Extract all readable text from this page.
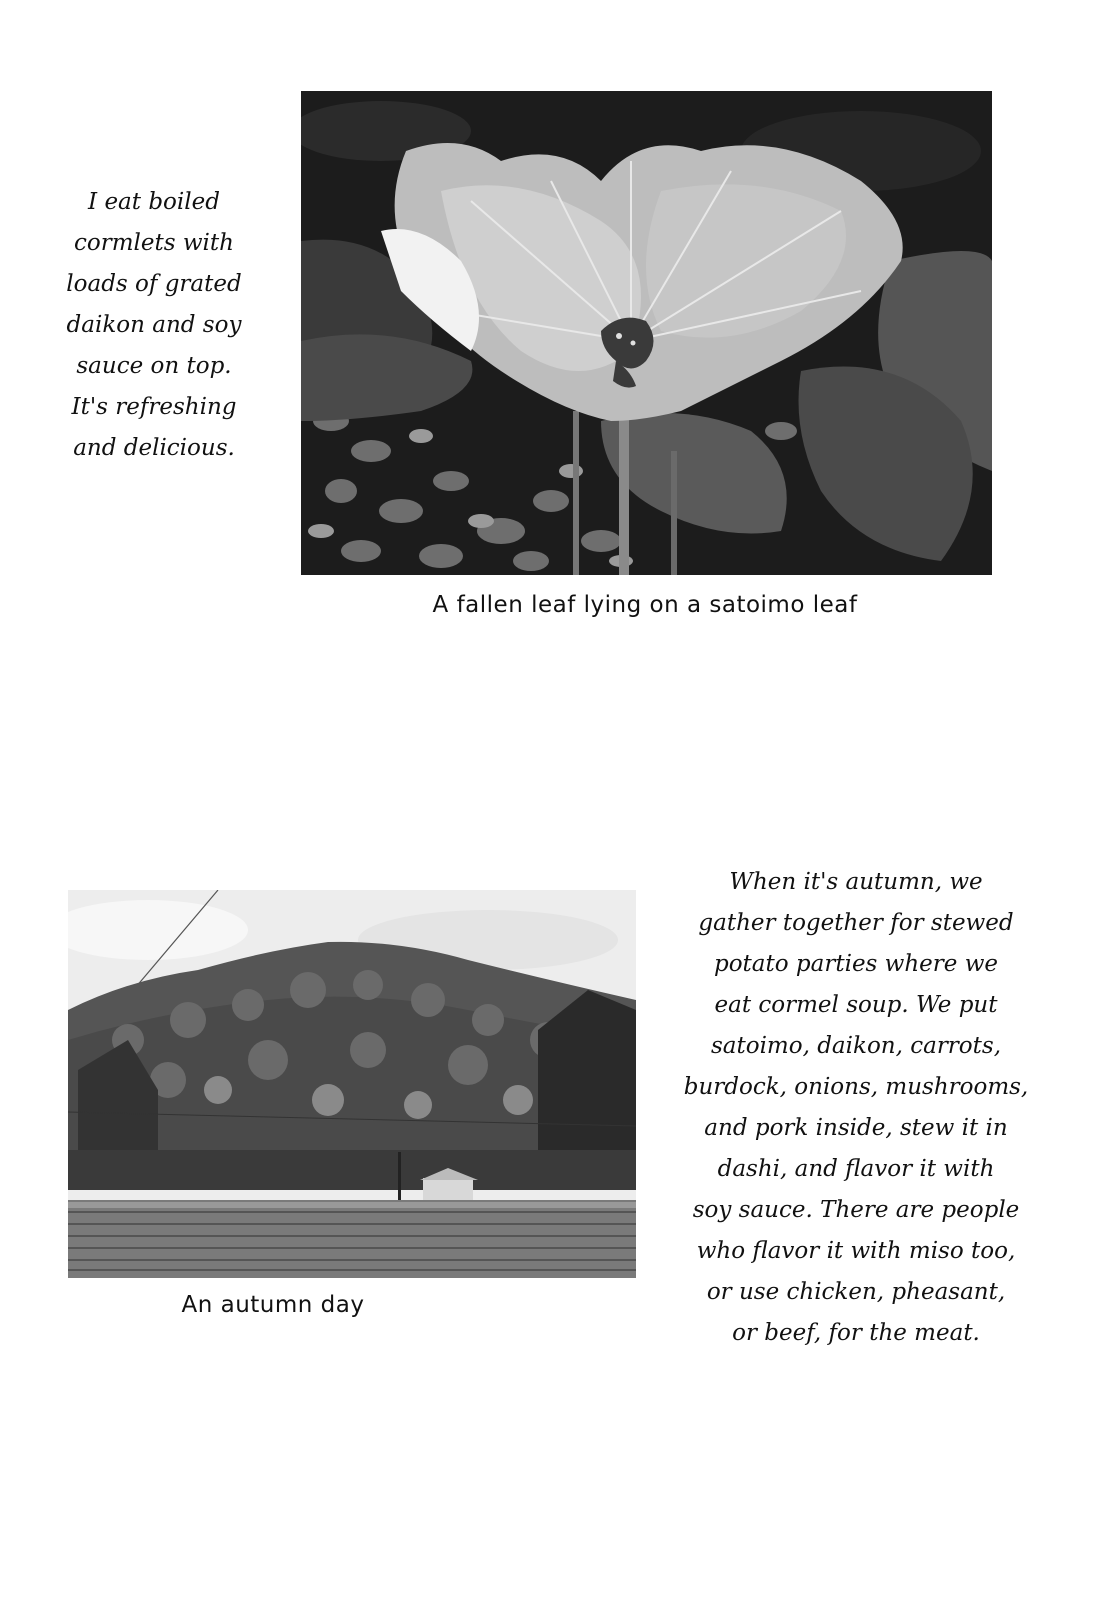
I eat boiled
cormlets with
loads of grated
daikon and soy
sauce on top.
It's refreshing
and delicious.
A fallen leaf lying on a satoimo leaf
An autumn day
When it's autumn, we
gather together for stewed
potato parties where we
eat cormel soup. We put
satoimo, daikon, carrots,
burdock, onions, mushrooms,
and pork inside, stew it in
dashi, and flavor it with
soy sauce. There are people
who flavor it with miso too,
or use chicken, pheasant,
or beef, for the meat.
